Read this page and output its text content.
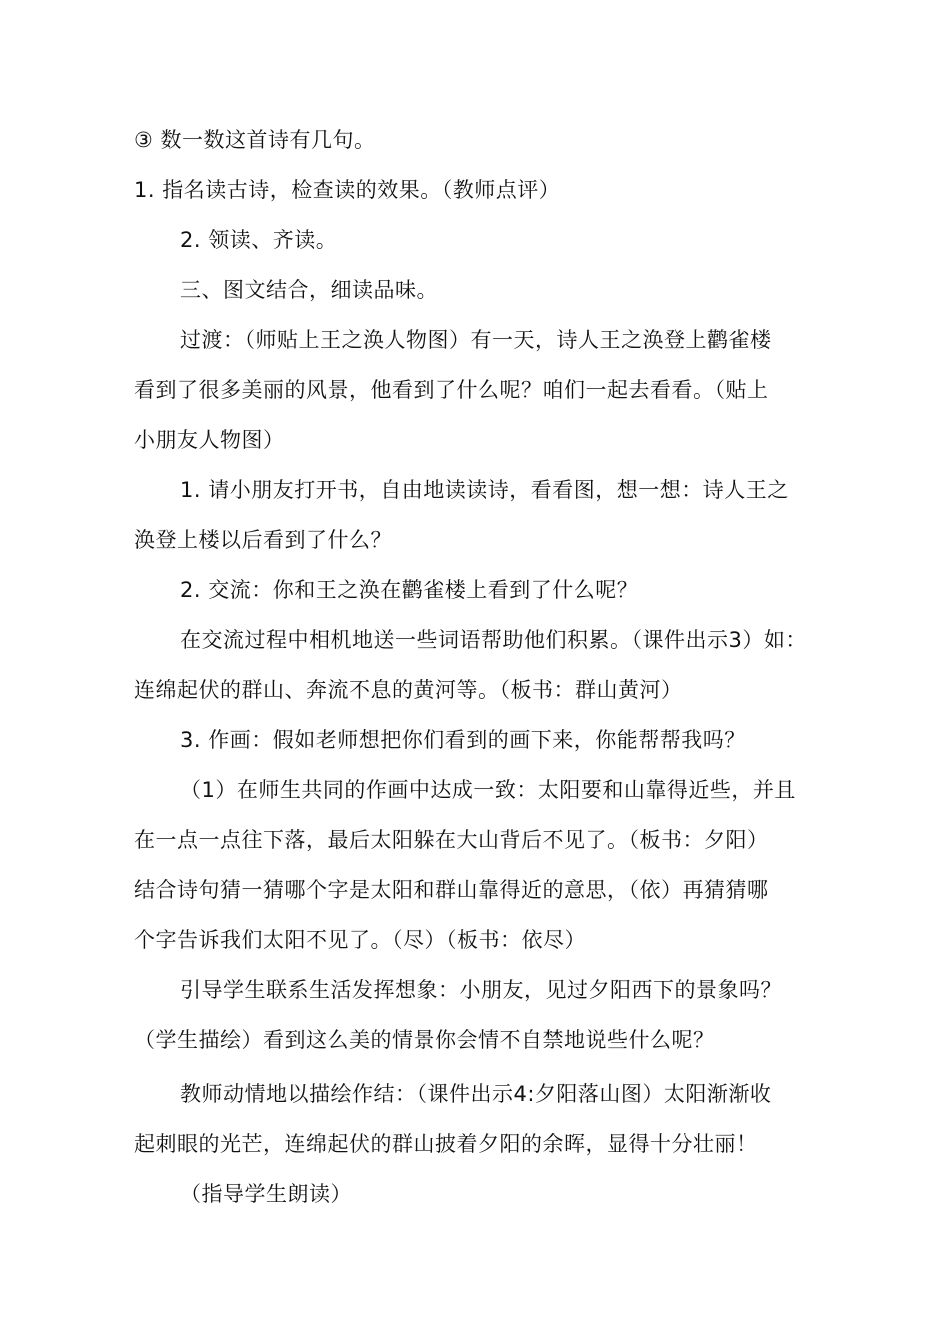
③ 数一数这首诗有几句。
1. 指名读古诗，检查读的效果。（教师点评）
2. 领读、齐读。
三、图文结合，细读品味。
过渡：（师贴上王之涣人物图）有一天，诗人王之涣登上鹳雀楼
看到了很多美丽的风景，他看到了什么呢？咱们一起去看看。（贴上
小朋友人物图）
1. 请小朋友打开书，自由地读读诗，看看图，想一想：诗人王之
涣登上楼以后看到了什么？
2. 交流：你和王之涣在鹳雀楼上看到了什么呢？
在交流过程中相机地送一些词语帮助他们积累。（课件出示3）如：
连绵起伏的群山、奔流不息的黄河等。（板书：群山黄河）
3. 作画：假如老师想把你们看到的画下来，你能帮帮我吗？
（1）在师生共同的作画中达成一致：太阳要和山靠得近些，并且
在一点一点往下落，最后太阳躲在大山背后不见了。（板书：夕阳）
结合诗句猜一猜哪个字是太阳和群山靠得近的意思，（依）再猜猜哪
个字告诉我们太阳不见了。（尽）（板书：依尽）
引导学生联系生活发挥想象：小朋友，见过夕阳西下的景象吗？
（学生描绘）看到这么美的情景你会情不自禁地说些什么呢？
教师动情地以描绘作结：（课件出示4:夕阳落山图）太阳渐渐收
起刺眼的光芒，连绵起伏的群山披着夕阳的余晖，显得十分壮丽！
（指导学生朗读）
